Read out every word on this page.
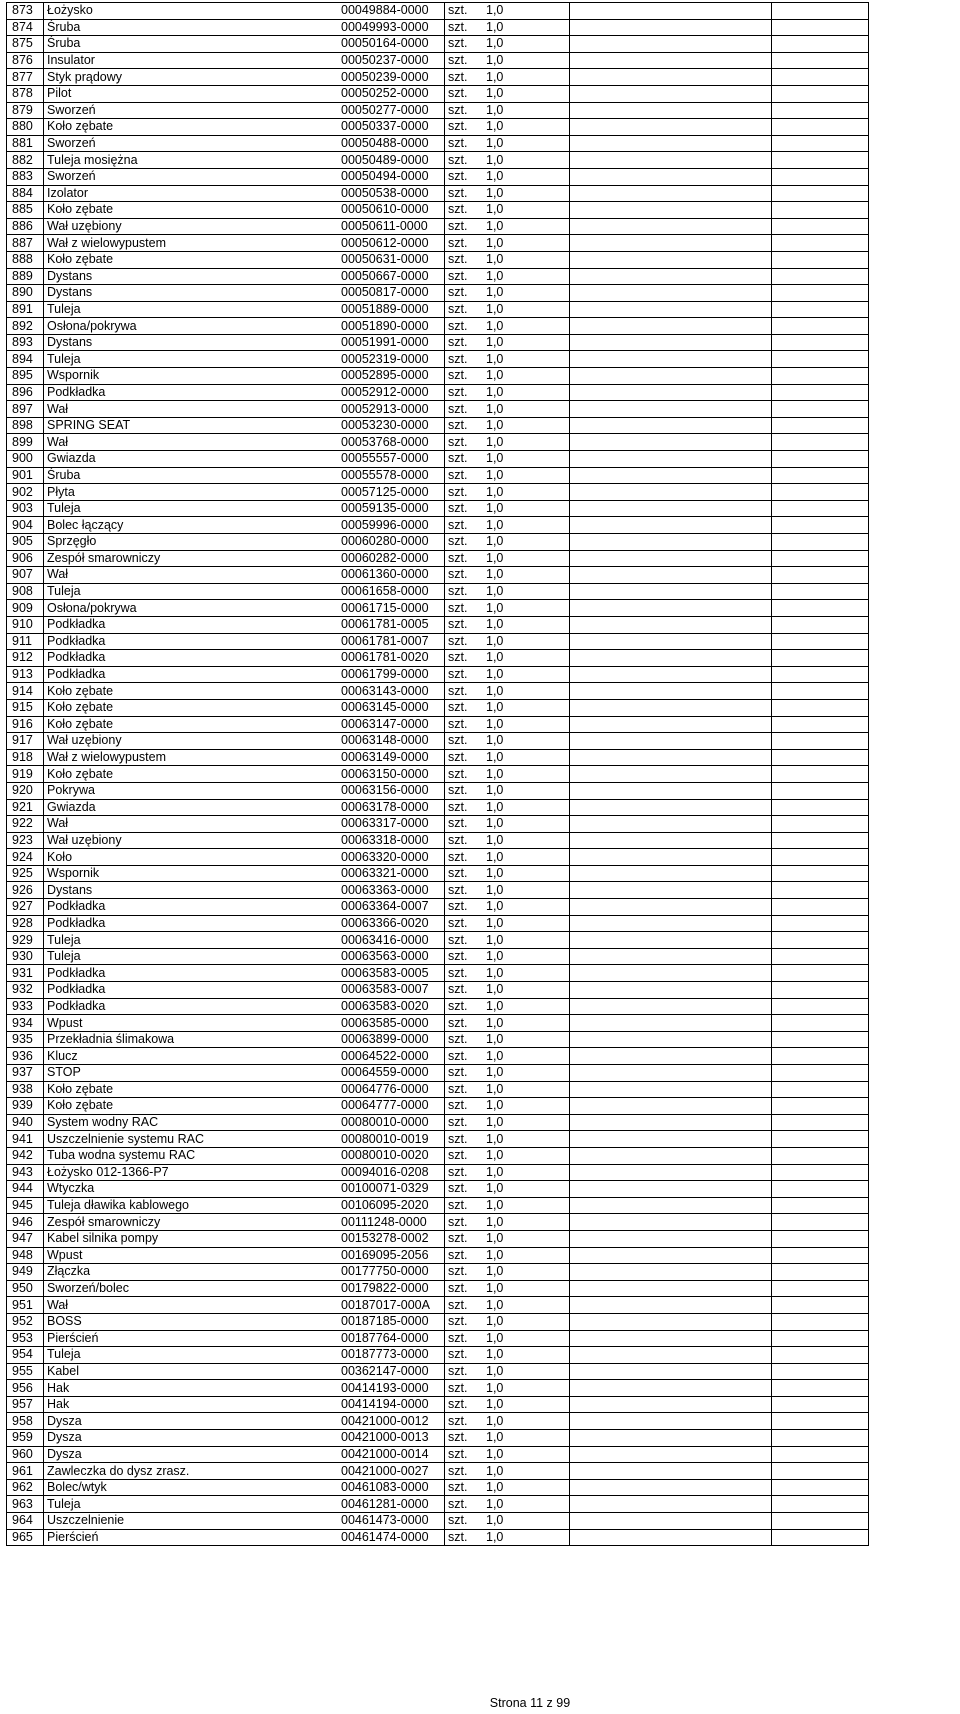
873	Łożysko	00049884-0000	szt.	1,0		
874	Śruba	00049993-0000	szt.	1,0		
875	Śruba	00050164-0000	szt.	1,0		
876	Insulator	00050237-0000	szt.	1,0		
877	Styk prądowy	00050239-0000	szt.	1,0		
878	Pilot	00050252-0000	szt.	1,0		
879	Sworzeń	00050277-0000	szt.	1,0		
880	Koło zębate	00050337-0000	szt.	1,0		
881	Sworzeń	00050488-0000	szt.	1,0		
882	Tuleja mosiężna	00050489-0000	szt.	1,0		
883	Sworzeń	00050494-0000	szt.	1,0		
884	Izolator	00050538-0000	szt.	1,0		
885	Koło zębate	00050610-0000	szt.	1,0		
886	Wał uzębiony	00050611-0000	szt.	1,0		
887	Wał z wielowypustem	00050612-0000	szt.	1,0		
888	Koło zębate	00050631-0000	szt.	1,0		
889	Dystans	00050667-0000	szt.	1,0		
890	Dystans	00050817-0000	szt.	1,0		
891	Tuleja	00051889-0000	szt.	1,0		
892	Osłona/pokrywa	00051890-0000	szt.	1,0		
893	Dystans	00051991-0000	szt.	1,0		
894	Tuleja	00052319-0000	szt.	1,0		
895	Wspornik	00052895-0000	szt.	1,0		
896	Podkładka	00052912-0000	szt.	1,0		
897	Wał	00052913-0000	szt.	1,0		
898	SPRING SEAT	00053230-0000	szt.	1,0		
899	Wał	00053768-0000	szt.	1,0		
900	Gwiazda	00055557-0000	szt.	1,0		
901	Śruba	00055578-0000	szt.	1,0		
902	Płyta	00057125-0000	szt.	1,0		
903	Tuleja	00059135-0000	szt.	1,0		
904	Bolec łączący	00059996-0000	szt.	1,0		
905	Sprzęgło	00060280-0000	szt.	1,0		
906	Zespół smarowniczy	00060282-0000	szt.	1,0		
907	Wał	00061360-0000	szt.	1,0		
908	Tuleja	00061658-0000	szt.	1,0		
909	Osłona/pokrywa	00061715-0000	szt.	1,0		
910	Podkładka	00061781-0005	szt.	1,0		
911	Podkładka	00061781-0007	szt.	1,0		
912	Podkładka	00061781-0020	szt.	1,0		
913	Podkładka	00061799-0000	szt.	1,0		
914	Koło zębate	00063143-0000	szt.	1,0		
915	Koło zębate	00063145-0000	szt.	1,0		
916	Koło zębate	00063147-0000	szt.	1,0		
917	Wał uzębiony	00063148-0000	szt.	1,0		
918	Wał z wielowypustem	00063149-0000	szt.	1,0		
919	Koło zębate	00063150-0000	szt.	1,0		
920	Pokrywa	00063156-0000	szt.	1,0		
921	Gwiazda	00063178-0000	szt.	1,0		
922	Wał	00063317-0000	szt.	1,0		
923	Wał uzębiony	00063318-0000	szt.	1,0		
924	Koło	00063320-0000	szt.	1,0		
925	Wspornik	00063321-0000	szt.	1,0		
926	Dystans	00063363-0000	szt.	1,0		
927	Podkładka	00063364-0007	szt.	1,0		
928	Podkładka	00063366-0020	szt.	1,0		
929	Tuleja	00063416-0000	szt.	1,0		
930	Tuleja	00063563-0000	szt.	1,0		
931	Podkładka	00063583-0005	szt.	1,0		
932	Podkładka	00063583-0007	szt.	1,0		
933	Podkładka	00063583-0020	szt.	1,0		
934	Wpust	00063585-0000	szt.	1,0		
935	Przekładnia ślimakowa	00063899-0000	szt.	1,0		
936	Klucz	00064522-0000	szt.	1,0		
937	STOP	00064559-0000	szt.	1,0		
938	Koło zębate	00064776-0000	szt.	1,0		
939	Koło zębate	00064777-0000	szt.	1,0		
940	System wodny RAC	00080010-0000	szt.	1,0		
941	Uszczelnienie systemu RAC	00080010-0019	szt.	1,0		
942	Tuba wodna systemu RAC	00080010-0020	szt.	1,0		
943	Łożysko 012-1366-P7	00094016-0208	szt.	1,0		
944	Wtyczka	00100071-0329	szt.	1,0		
945	Tuleja dławika kablowego	00106095-2020	szt.	1,0		
946	Zespół smarowniczy	00111248-0000	szt.	1,0		
947	Kabel silnika pompy	00153278-0002	szt.	1,0		
948	Wpust	00169095-2056	szt.	1,0		
949	Złączka	00177750-0000	szt.	1,0		
950	Sworzeń/bolec	00179822-0000	szt.	1,0		
951	Wał	00187017-000A	szt.	1,0		
952	BOSS	00187185-0000	szt.	1,0		
953	Pierścień	00187764-0000	szt.	1,0		
954	Tuleja	00187773-0000	szt.	1,0		
955	Kabel	00362147-0000	szt.	1,0		
956	Hak	00414193-0000	szt.	1,0		
957	Hak	00414194-0000	szt.	1,0		
958	Dysza	00421000-0012	szt.	1,0		
959	Dysza	00421000-0013	szt.	1,0		
960	Dysza	00421000-0014	szt.	1,0		
961	Zawleczka do dysz zrasz.	00421000-0027	szt.	1,0		
962	Bolec/wtyk	00461083-0000	szt.	1,0		
963	Tuleja	00461281-0000	szt.	1,0		
964	Uszczelnienie	00461473-0000	szt.	1,0		
965	Pierścień	00461474-0000	szt.	1,0		
Strona 11 z 99
